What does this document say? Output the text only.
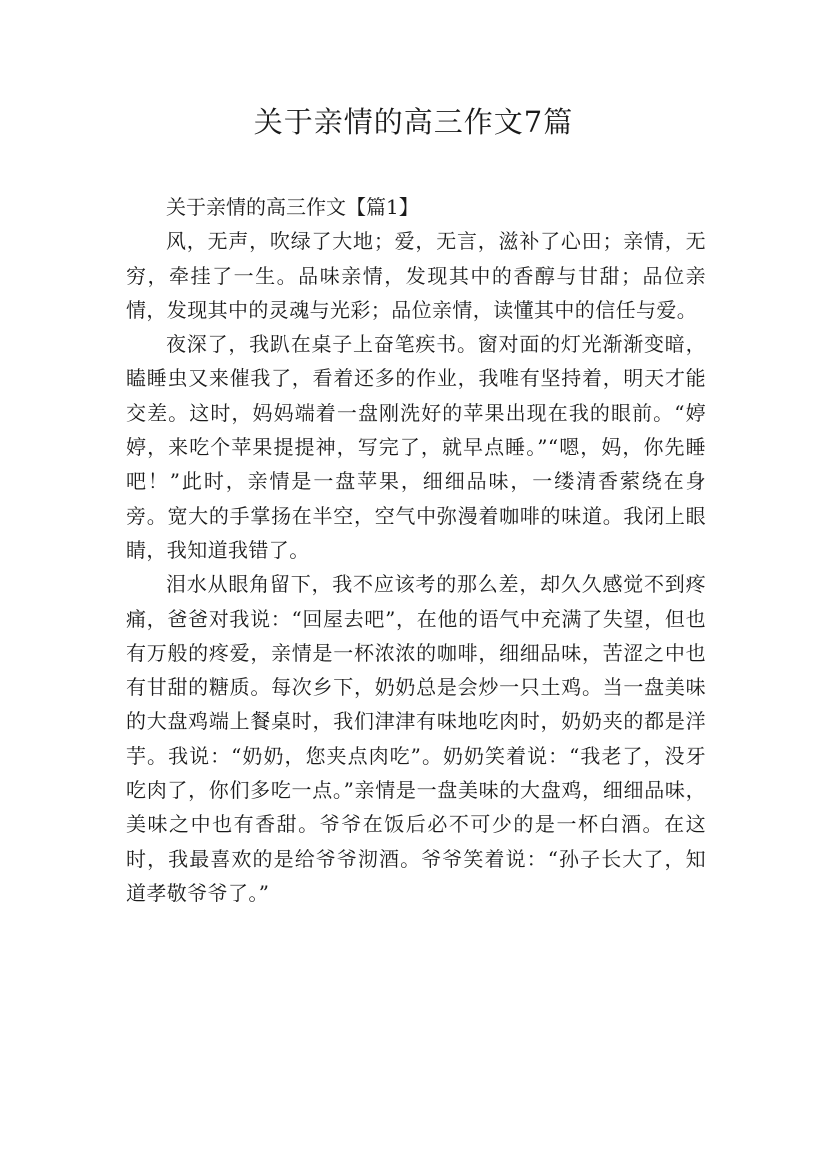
关于亲情的高三作文7篇
关于亲情的高三作文【篇1】

风，无声，吹绿了大地；爱，无言，滋补了心田；亲情，无穷，牵挂了一生。品味亲情，发现其中的香醇与甘甜；品位亲情，发现其中的灵魂与光彩；品位亲情，读懂其中的信任与爱。

夜深了，我趴在桌子上奋笔疾书。窗对面的灯光渐渐变暗，瞌睡虫又来催我了，看着还多的作业，我唯有坚持着，明天才能交差。这时，妈妈端着一盘刚洗好的苹果出现在我的眼前。“婷婷，来吃个苹果提提神，写完了，就早点睡。”“嗯，妈，你先睡吧！”此时，亲情是一盘苹果，细细品味，一缕清香萦绕在身旁。宽大的手掌扬在半空，空气中弥漫着咖啡的味道。我闭上眼睛，我知道我错了。

泪水从眼角留下，我不应该考的那么差，却久久感觉不到疼痛，爸爸对我说：“回屋去吧”，在他的语气中充满了失望，但也有万般的疼爱，亲情是一杯浓浓的咖啡，细细品味，苦涩之中也有甘甜的糖质。每次乡下，奶奶总是会炒一只土鸡。当一盘美味的大盘鸡端上餐桌时，我们津津有味地吃肉时，奶奶夹的都是洋芋。我说：“奶奶，您夹点肉吃”。奶奶笑着说：“我老了，没牙吃肉了，你们多吃一点。”亲情是一盘美味的大盘鸡，细细品味，美味之中也有香甜。爷爷在饭后必不可少的是一杯白酒。在这时，我最喜欢的是给爷爷沏酒。爷爷笑着说：“孙子长大了，知道孝敬爷爷了。”
